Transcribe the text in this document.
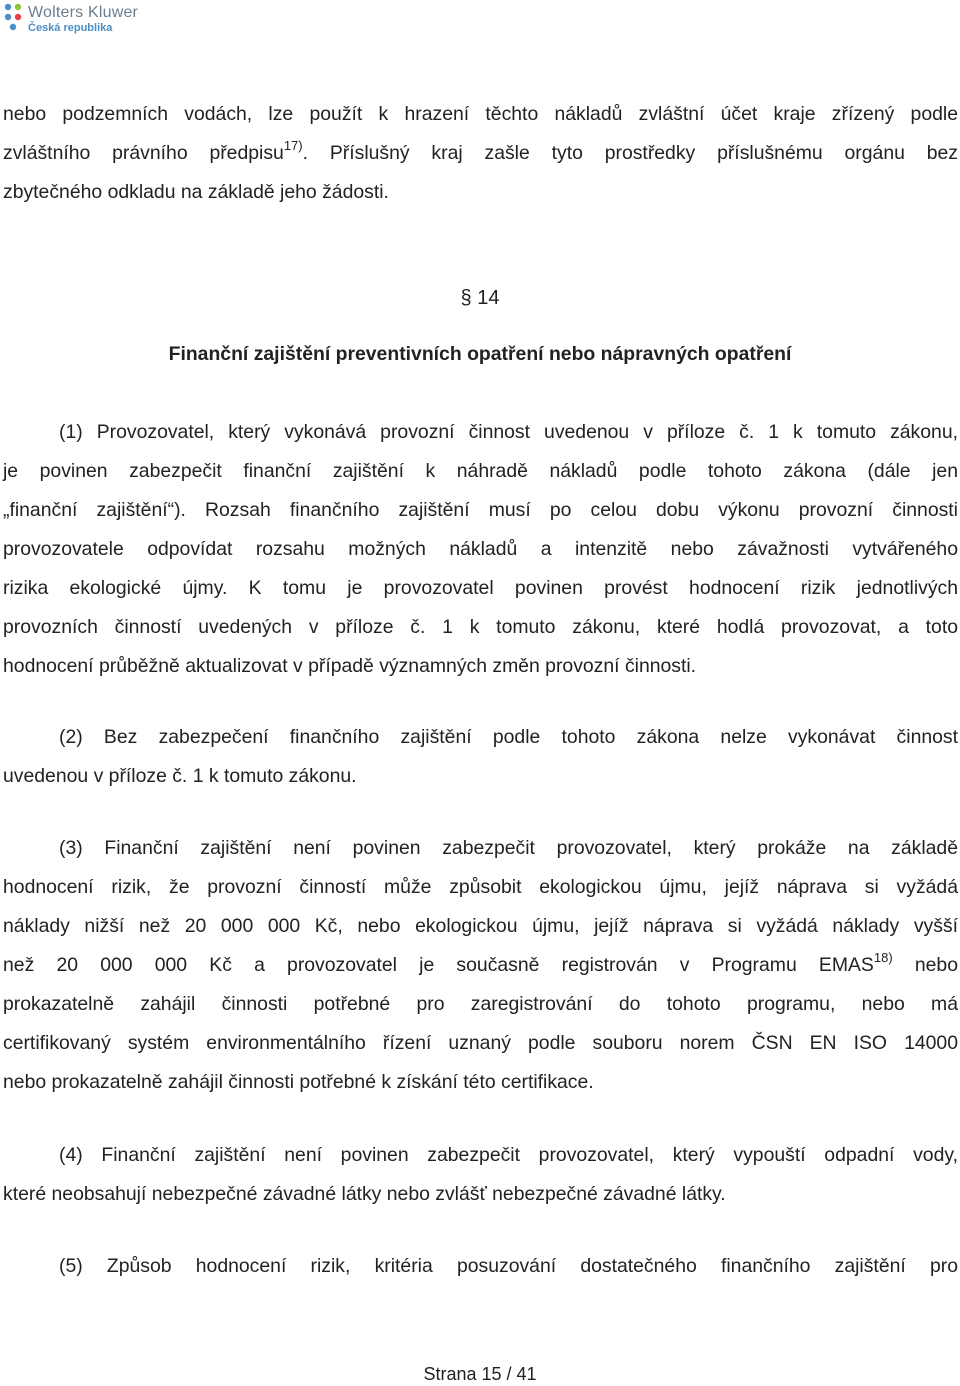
Wolters Kluwer
Česká republika
nebo podzemních vodách, lze použít k hrazení těchto nákladů zvláštní účet kraje zřízený podle
zvláštního právního předpisu$^{17)}$. Příslušný kraj zašle tyto prostředky příslušnému orgánu bez
zbytečného odkladu na základě jeho žádosti.

§ 14

Finanční zajištění preventivních opatření nebo nápravných opatření

(1) Provozovatel, který vykonává provozní činnost uvedenou v příloze č. 1 k tomuto zákonu,
je povinen zabezpečit finanční zajištění k náhradě nákladů podle tohoto zákona (dále jen
„finanční zajištění“). Rozsah finančního zajištění musí po celou dobu výkonu provozní činnosti
provozovatele odpovídat rozsahu možných nákladů a intenzitě nebo závažnosti vytvářeného
rizika ekologické újmy. K tomu je provozovatel povinen provést hodnocení rizik jednotlivých
provozních činností uvedených v příloze č. 1 k tomuto zákonu, které hodlá provozovat, a toto
hodnocení průběžně aktualizovat v případě významných změn provozní činnosti.
(2) Bez zabezpečení finančního zajištění podle tohoto zákona nelze vykonávat činnost
uvedenou v příloze č. 1 k tomuto zákonu.
(3) Finanční zajištění není povinen zabezpečit provozovatel, který prokáže na základě
hodnocení rizik, že provozní činností může způsobit ekologickou újmu, jejíž náprava si vyžádá
náklady nižší než 20 000 000 Kč, nebo ekologickou újmu, jejíž náprava si vyžádá náklady vyšší
než 20 000 000 Kč a provozovatel je současně registrován v Programu EMAS$^{18)}$ nebo
prokazatelně zahájil činnosti potřebné pro zaregistrování do tohoto programu, nebo má
certifikovaný systém environmentálního řízení uznaný podle souboru norem ČSN EN ISO 14000
nebo prokazatelně zahájil činnosti potřebné k získání této certifikace.
(4) Finanční zajištění není povinen zabezpečit provozovatel, který vypouští odpadní vody,
které neobsahují nebezpečné závadné látky nebo zvlášť nebezpečné závadné látky.
(5) Způsob hodnocení rizik, kritéria posuzování dostatečného finančního zajištění pro
Strana 15 / 41
